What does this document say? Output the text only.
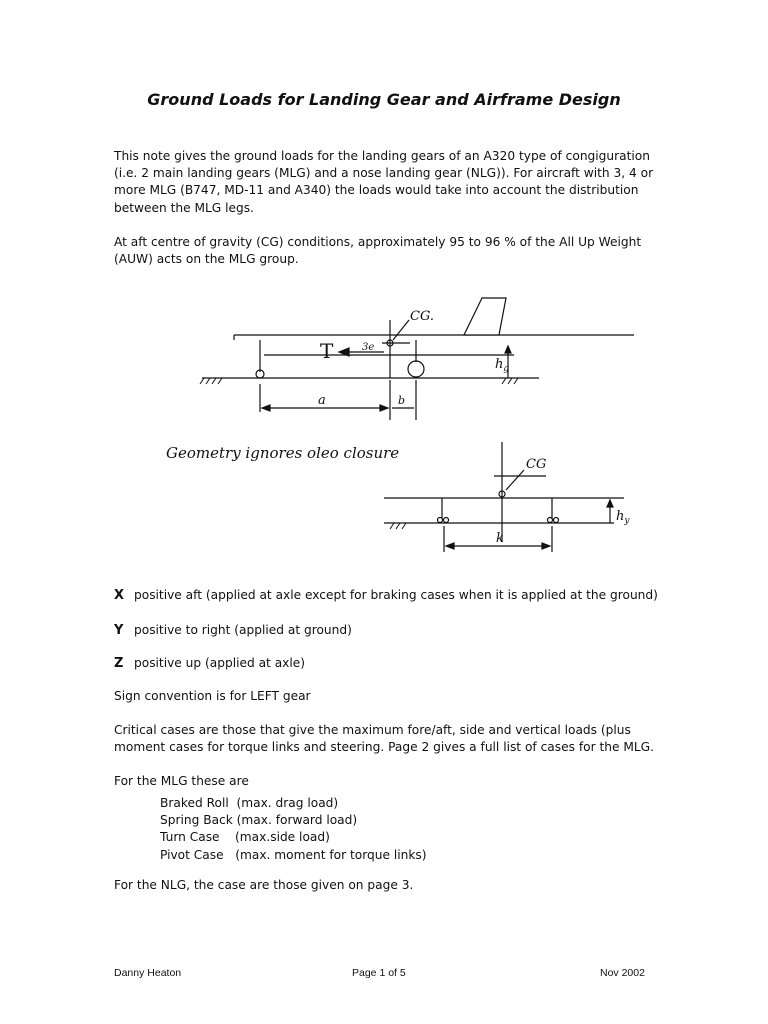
Ground Loads for Landing Gear and Airframe Design

This note gives the ground loads for the landing gears of an A320 type of congiguration
(i.e. 2 main landing gears (MLG) and a nose landing gear (NLG)). For aircraft with 3, 4 or
more MLG (B747, MD-11 and A340) the loads would take into account the distribution
between the MLG legs.

At aft centre of gravity (CG) conditions, approximately 95 to 96 % of the All Up Weight
(AUW) acts on the MLG group.

CG.
T	3e
$h_g$
a	b
Geometry ignores oleo closure
CG
$h_y$
k
X positive aft (applied at axle except for braking cases when it is applied at the ground)
Y positive to right (applied at ground)
Z positive up (applied at axle)

Sign convention is for LEFT gear

Critical cases are those that give the maximum fore/aft, side and vertical loads (plus
moment cases for torque links and steering. Page 2 gives a full list of cases for the MLG.

For the MLG these are

Braked Roll  (max. drag load)
Spring Back (max. forward load)
Turn Case    (max.side load)
Pivot Case   (max. moment for torque links)

For the NLG, the case are those given on page 3.

Danny Heaton	Page 1 of 5	Nov 2002
